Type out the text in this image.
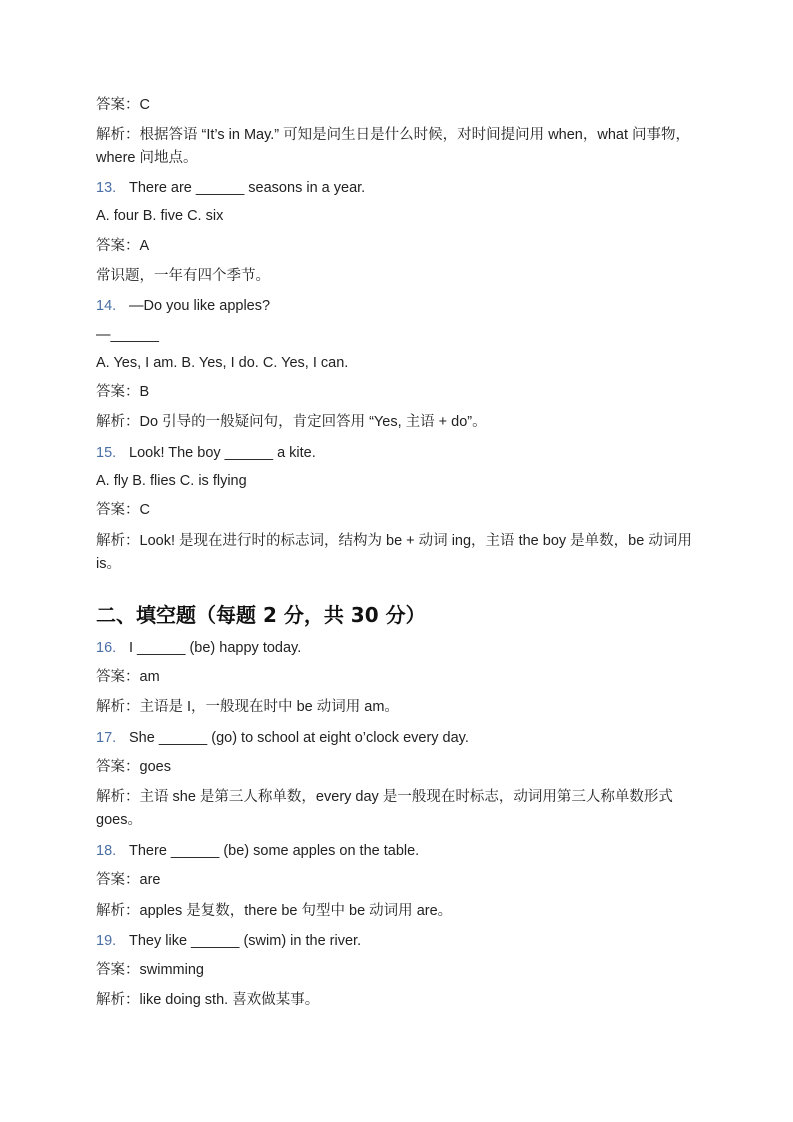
答案：C
解析：根据答语 “It’s in May.” 可知是问生日是什么时候，对时间提问用 when，what 问事物，where 问地点。
13. There are ______ seasons in a year.
A. four B. five C. six
答案：A
常识题，一年有四个季节。
14. —Do you like apples?
—______
A. Yes, I am. B. Yes, I do. C. Yes, I can.
答案：B
解析：Do 引导的一般疑问句，肯定回答用 “Yes, 主语 + do”。
15. Look! The boy ______ a kite.
A. fly B. flies C. is flying
答案：C
解析：Look! 是现在进行时的标志词，结构为 be + 动词 ing，主语 the boy 是单数，be 动词用 is。
二、填空题（每题 2 分，共 30 分）
16. I ______ (be) happy today.
答案：am
解析：主语是 I，一般现在时中 be 动词用 am。
17. She ______ (go) to school at eight o’clock every day.
答案：goes
解析：主语 she 是第三人称单数，every day 是一般现在时标志，动词用第三人称单数形式 goes。
18. There ______ (be) some apples on the table.
答案：are
解析：apples 是复数，there be 句型中 be 动词用 are。
19. They like ______ (swim) in the river.
答案：swimming
解析：like doing sth. 喜欢做某事。
